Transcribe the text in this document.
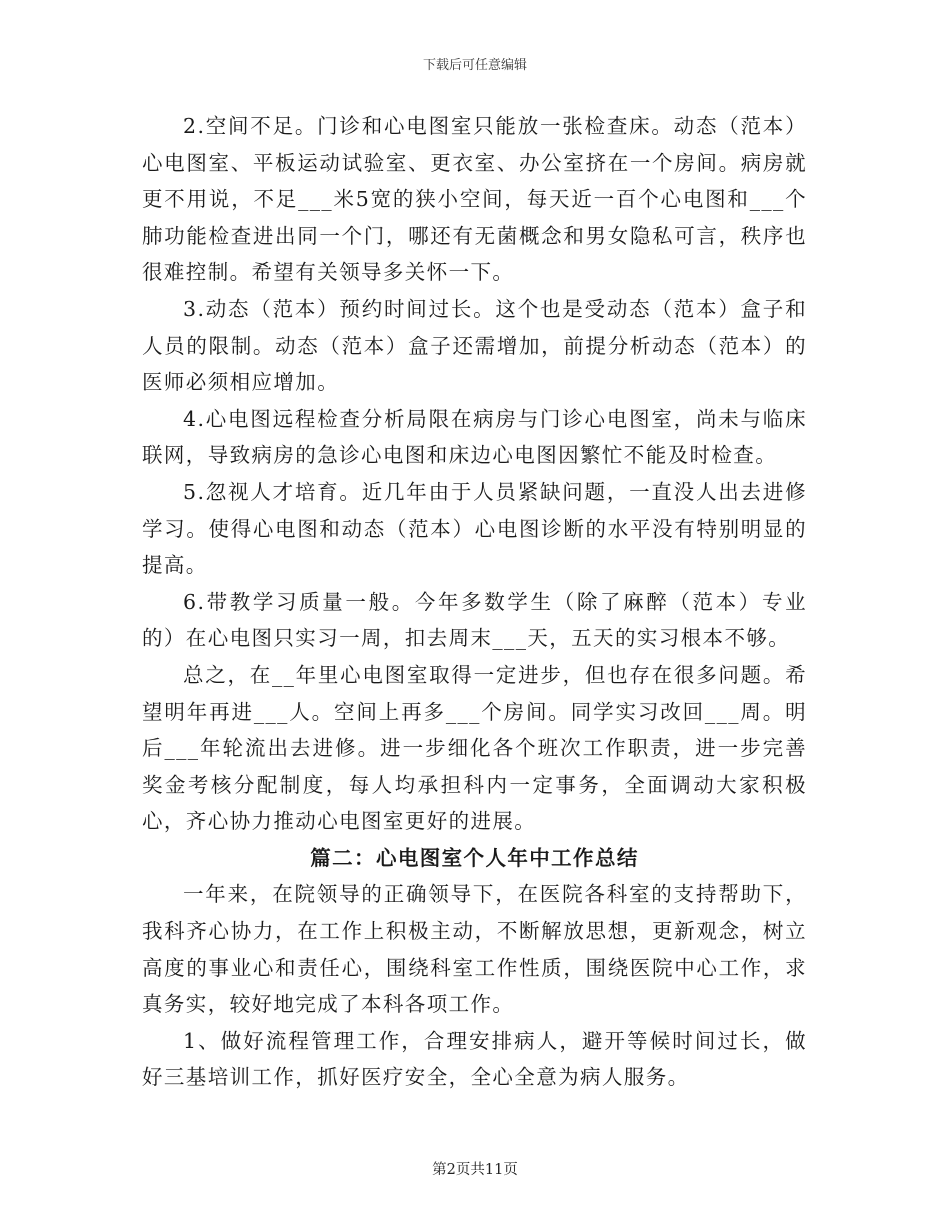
下载后可任意编辑

2.空间不足。门诊和心电图室只能放一张检查床。动态（范本）心电图室、平板运动试验室、更衣室、办公室挤在一个房间。病房就更不用说，不足___米5宽的狭小空间，每天近一百个心电图和___个肺功能检查进出同一个门，哪还有无菌概念和男女隐私可言，秩序也很难控制。希望有关领导多关怀一下。

3.动态（范本）预约时间过长。这个也是受动态（范本）盒子和人员的限制。动态（范本）盒子还需增加，前提分析动态（范本）的医师必须相应增加。

4.心电图远程检查分析局限在病房与门诊心电图室，尚未与临床联网，导致病房的急诊心电图和床边心电图因繁忙不能及时检查。

5.忽视人才培育。近几年由于人员紧缺问题，一直没人出去进修学习。使得心电图和动态（范本）心电图诊断的水平没有特别明显的提高。

6.带教学习质量一般。今年多数学生（除了麻醉（范本）专业的）在心电图只实习一周，扣去周末___天，五天的实习根本不够。

总之，在__年里心电图室取得一定进步，但也存在很多问题。希望明年再进___人。空间上再多___个房间。同学实习改回___周。明后___年轮流出去进修。进一步细化各个班次工作职责，进一步完善奖金考核分配制度，每人均承担科内一定事务，全面调动大家积极心，齐心协力推动心电图室更好的进展。

篇二：心电图室个人年中工作总结

一年来，在院领导的正确领导下，在医院各科室的支持帮助下，我科齐心协力，在工作上积极主动，不断解放思想，更新观念，树立高度的事业心和责任心，围绕科室工作性质，围绕医院中心工作，求真务实，较好地完成了本科各项工作。

1、做好流程管理工作，合理安排病人，避开等候时间过长，做好三基培训工作，抓好医疗安全，全心全意为病人服务。

第2页共11页
